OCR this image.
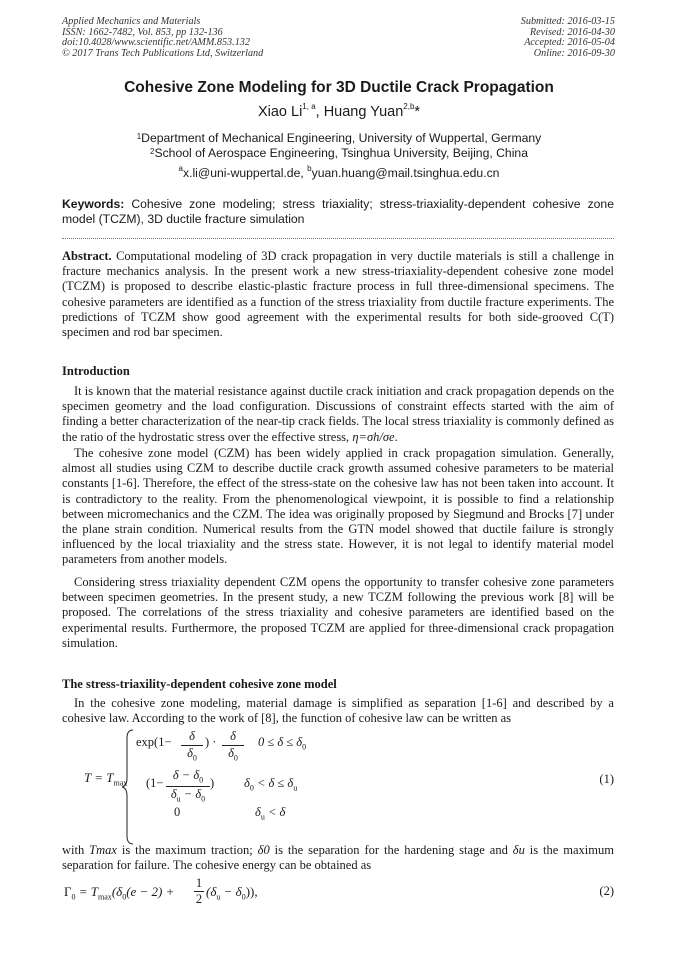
Applied Mechanics and Materials
ISSN: 1662-7482, Vol. 853, pp 132-136
doi:10.4028/www.scientific.net/AMM.853.132
© 2017 Trans Tech Publications Ltd, Switzerland
Submitted: 2016-03-15
Revised: 2016-04-30
Accepted: 2016-05-04
Online: 2016-09-30
Cohesive Zone Modeling for 3D Ductile Crack Propagation
Xiao Li$^{1, a}$, Huang Yuan$^{2,b}$*
$^1$Department of Mechanical Engineering, University of Wuppertal, Germany
$^2$School of Aerospace Engineering, Tsinghua University, Beijing, China
$^a$x.li@uni-wuppertal.de, $^b$yuan.huang@mail.tsinghua.edu.cn
Keywords: Cohesive zone modeling; stress triaxiality; stress-triaxiality-dependent cohesive zone model (TCZM), 3D ductile fracture simulation
Abstract. Computational modeling of 3D crack propagation in very ductile materials is still a challenge in fracture mechanics analysis. In the present work a new stress-triaxiality-dependent cohesive zone model (TCZM) is proposed to describe elastic-plastic fracture process in full three-dimensional specimens. The cohesive parameters are identified as a function of the stress triaxiality from ductile fracture experiments. The predictions of TCZM show good agreement with the experimental results for both side-grooved C(T) specimen and rod bar specimen.
Introduction
It is known that the material resistance against ductile crack initiation and crack propagation depends on the specimen geometry and the load configuration. Discussions of constraint effects started with the aim of finding a better characterization of the near-tip crack fields. The local stress triaxiality is commonly defined as the ratio of the hydrostatic stress over the effective stress, η=σh/σe.
The cohesive zone model (CZM) has been widely applied in crack propagation simulation. Generally, almost all studies using CZM to describe ductile crack growth assumed cohesive parameters to be material constants [1-6]. Therefore, the effect of the stress-state on the cohesive law has not been taken into account. It is contradictory to the reality. From the phenomenological viewpoint, it is possible to find a relationship between micromechanics and the CZM. The idea was originally proposed by Siegmund and Brocks [7] under the plane strain condition. Numerical results from the GTN model showed that ductile failure is strongly influenced by the local triaxiality and the stress state. However, it is not legal to identify material model parameters from another models.
Considering stress triaxiality dependent CZM opens the opportunity to transfer cohesive zone parameters between specimen geometries. In the present study, a new TCZM following the previous work [8] will be proposed. The correlations of the stress triaxiality and cohesive parameters are identified based on the experimental results. Furthermore, the proposed TCZM are applied for three-dimensional crack propagation simulation.
The stress-triaxility-dependent cohesive zone model
In the cohesive zone modeling, material damage is simplified as separation [1-6] and described by a cohesive law. According to the work of [8], the function of cohesive law can be written as
$T = T_{max}$
exp(1−	δ
$\delta_0$
) ·	δ
$\delta_0$
$0 \le \delta \le \delta_0$
(1−
$\delta - \delta_0$
$\delta_u - \delta_0$
) $\delta_0 < \delta \le \delta_u$
0	$\delta_u < \delta$
(1)
with Tmax is the maximum traction; δ0 is the separation for the hardening stage and δu is the maximum separation for failure. The cohesive energy can be obtained as
$\Gamma_0 = T_{max}(\delta_0(e - 2) + \frac{1}{2} (\delta_u - \delta_0))$,	(2)
